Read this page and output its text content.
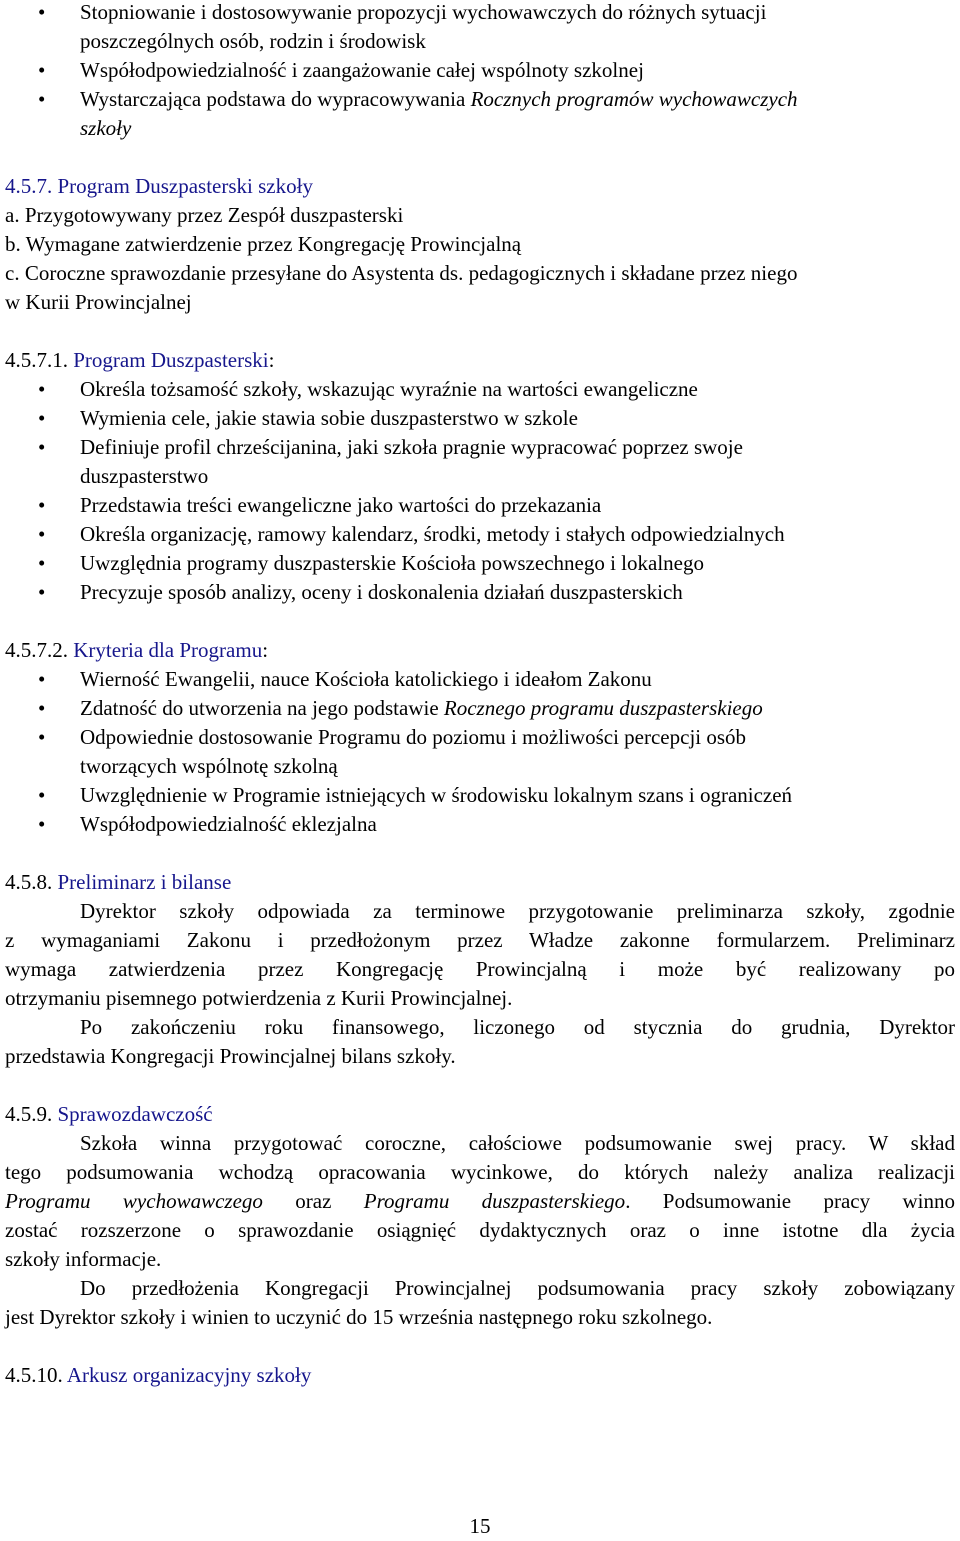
• Stopniowanie i dostosowywanie propozycji wychowawczych do różnych sytuacji
poszczególnych osób, rodzin i środowisk
• Współodpowiedzialność i zaangażowanie całej wspólnoty szkolnej
• Wystarczająca podstawa do wypracowywania Rocznych programów wychowawczych
szkoły
4.5.7. Program Duszpasterski szkoły
a. Przygotowywany przez Zespół duszpasterski
b. Wymagane zatwierdzenie przez Kongregację Prowincjalną
c. Coroczne sprawozdanie przesyłane do Asystenta ds. pedagogicznych i składane przez niego
w Kurii Prowincjalnej
4.5.7.1. Program Duszpasterski:
• Określa tożsamość szkoły, wskazując wyraźnie na wartości ewangeliczne
• Wymienia cele, jakie stawia sobie duszpasterstwo w szkole
• Definiuje profil chrześcijanina, jaki szkoła pragnie wypracować poprzez swoje
duszpasterstwo
• Przedstawia treści ewangeliczne jako wartości do przekazania
• Określa organizację, ramowy kalendarz, środki, metody i stałych odpowiedzialnych
• Uwzględnia programy duszpasterskie Kościoła powszechnego i lokalnego
• Precyzuje sposób analizy, oceny i doskonalenia działań duszpasterskich
4.5.7.2. Kryteria dla Programu:
• Wierność Ewangelii, nauce Kościoła katolickiego i ideałom Zakonu
• Zdatność do utworzenia na jego podstawie Rocznego programu duszpasterskiego
• Odpowiednie dostosowanie Programu do poziomu i możliwości percepcji osób
tworzących wspólnotę szkolną
• Uwzględnienie w Programie istniejących w środowisku lokalnym szans i ograniczeń
• Współodpowiedzialność eklezjalna
4.5.8. Preliminarz i bilanse
Dyrektor szkoły odpowiada za terminowe przygotowanie preliminarza szkoły, zgodnie
z wymaganiami Zakonu i przedłożonym przez Władze zakonne formularzem. Preliminarz
wymaga zatwierdzenia przez Kongregację Prowincjalną i może być realizowany po
otrzymaniu pisemnego potwierdzenia z Kurii Prowincjalnej.
Po zakończeniu roku finansowego, liczonego od stycznia do grudnia, Dyrektor
przedstawia Kongregacji Prowincjalnej bilans szkoły.
4.5.9. Sprawozdawczość
Szkoła winna przygotować coroczne, całościowe podsumowanie swej pracy. W skład
tego podsumowania wchodzą opracowania wycinkowe, do których należy analiza realizacji
Programu wychowawczego oraz Programu duszpasterskiego. Podsumowanie pracy winno
zostać rozszerzone o sprawozdanie osiągnięć dydaktycznych oraz o inne istotne dla życia
szkoły informacje.
Do przedłożenia Kongregacji Prowincjalnej podsumowania pracy szkoły zobowiązany
jest Dyrektor szkoły i winien to uczynić do 15 września następnego roku szkolnego.
4.5.10. Arkusz organizacyjny szkoły
15
